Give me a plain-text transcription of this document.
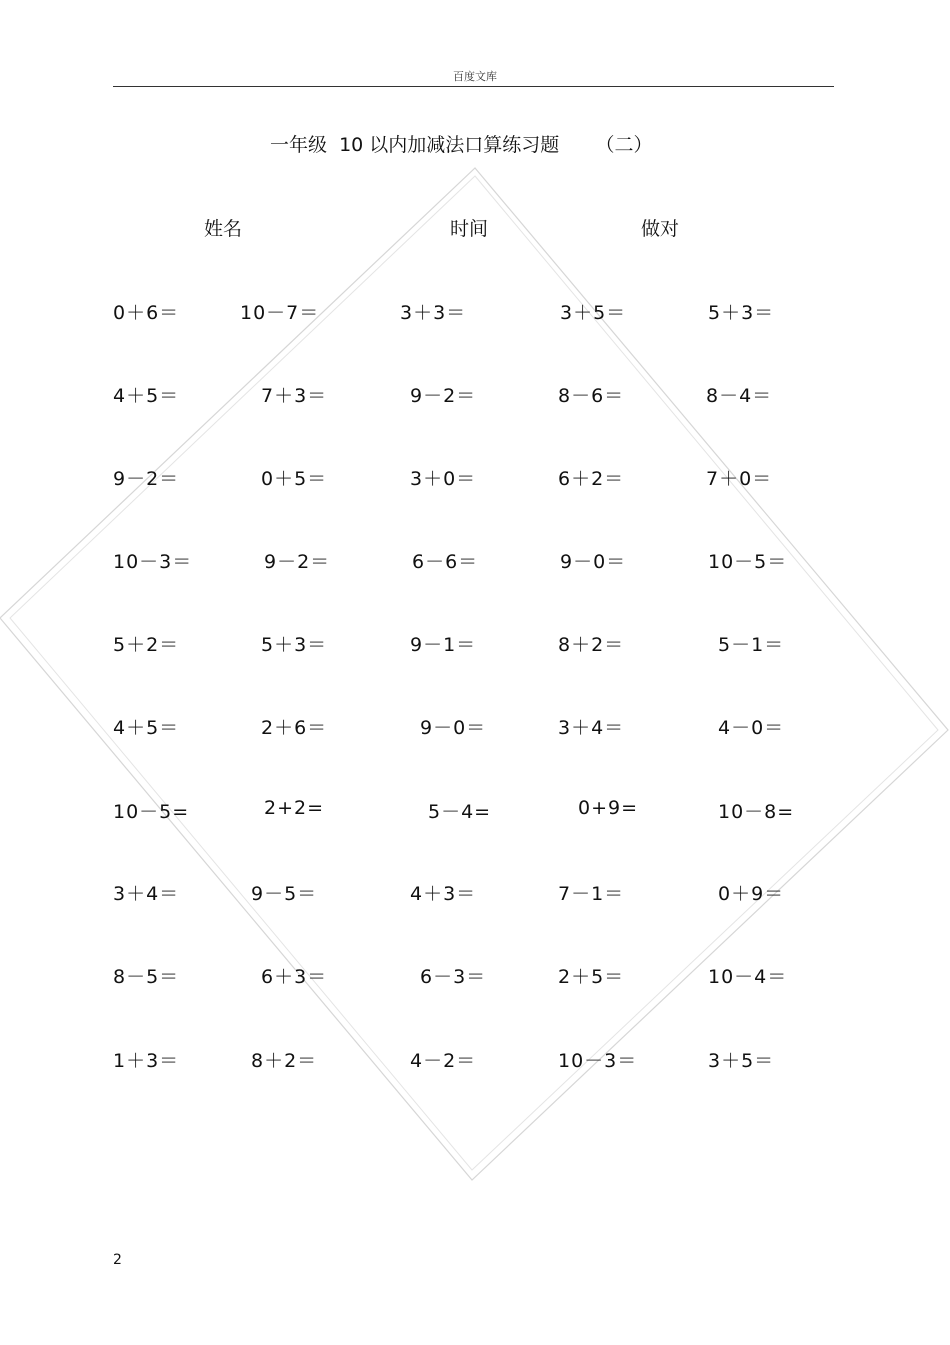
百度文库
一年级  10 以内加减法口算练习题      （二）
姓名	时间	做对
0＋6＝	10－7＝	3＋3＝	3＋5＝	5＋3＝
4＋5＝	7＋3＝	9－2＝	8－6＝	8－4＝
9－2＝	0＋5＝	3＋0＝	6＋2＝	7＋0＝
10－3＝	9－2＝	6－6＝	9－0＝	10－5＝
5＋2＝	5＋3＝	9－1＝	8＋2＝	5－1＝
4＋5＝	2＋6＝	9－0＝	3＋4＝	4－0＝
10－5=	2+2=	5－4=	0+9=	10－8=
3＋4＝	9－5＝	4＋3＝	7－1＝	0＋9＝
8－5＝	6＋3＝	6－3＝	2＋5＝	10－4＝
1＋3＝	8＋2＝	4－2＝	10－3＝	3＋5＝
2
